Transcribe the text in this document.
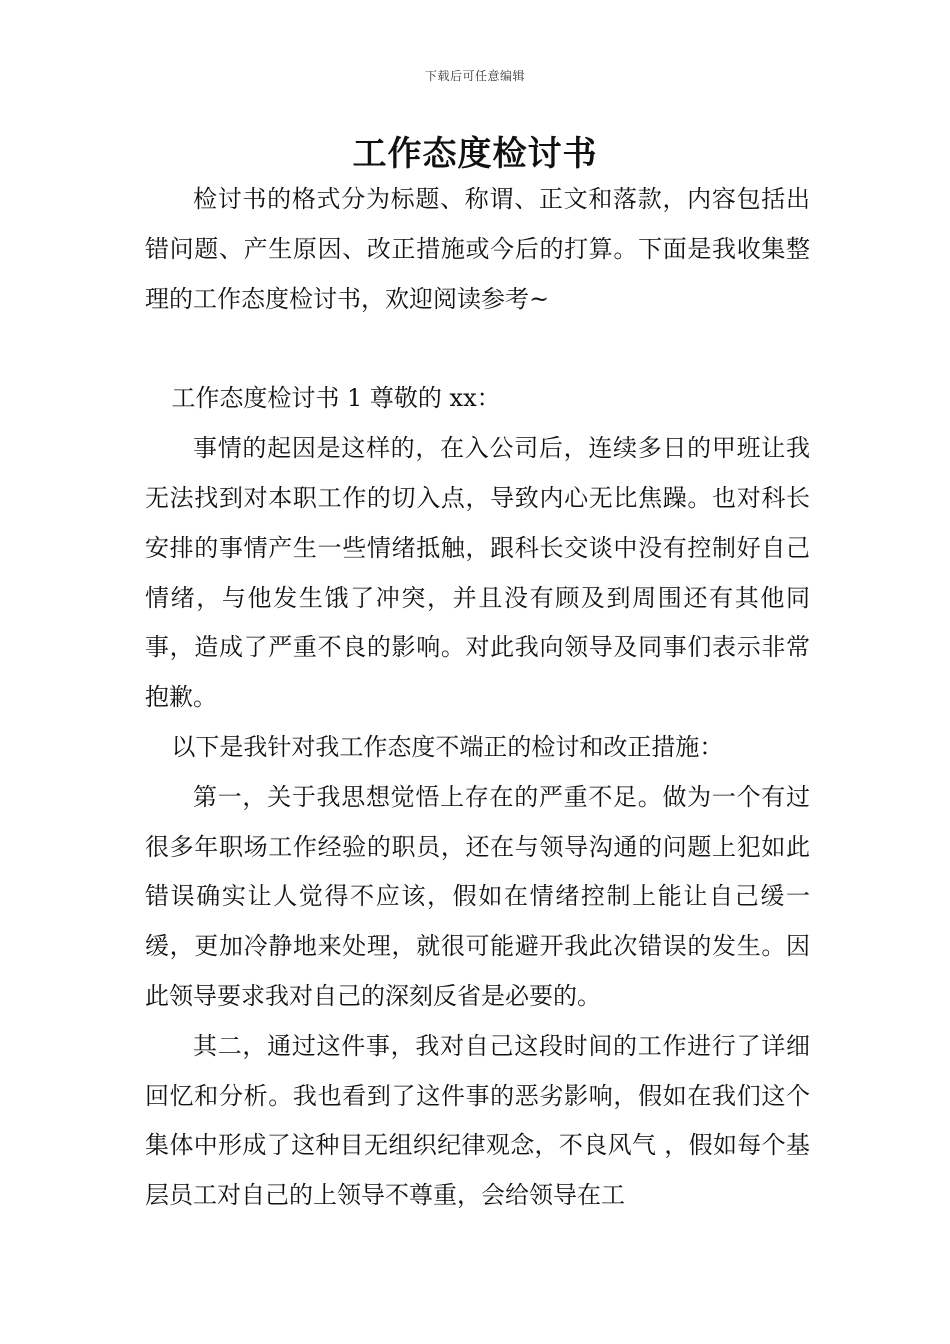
下载后可任意编辑
工作态度检讨书

检讨书的格式分为标题、称谓、正文和落款，内容包括出错问题、产生原因、改正措施或今后的打算。下面是我收集整理的工作态度检讨书，欢迎阅读参考~

工作态度检讨书 1 尊敬的 xx：

事情的起因是这样的，在入公司后，连续多日的甲班让我无法找到对本职工作的切入点，导致内心无比焦躁。也对科长安排的事情产生一些情绪抵触，跟科长交谈中没有控制好自己情绪，与他发生饿了冲突，并且没有顾及到周围还有其他同事，造成了严重不良的影响。对此我向领导及同事们表示非常抱歉。

以下是我针对我工作态度不端正的检讨和改正措施：

第一，关于我思想觉悟上存在的严重不足。做为一个有过很多年职场工作经验的职员，还在与领导沟通的问题上犯如此错误确实让人觉得不应该，假如在情绪控制上能让自己缓一缓，更加冷静地来处理，就很可能避开我此次错误的发生。因此领导要求我对自己的深刻反省是必要的。

其二，通过这件事，我对自己这段时间的工作进行了详细回忆和分析。我也看到了这件事的恶劣影响，假如在我们这个集体中形成了这种目无组织纪律观念，不良风气 ，假如每个基层员工对自己的上领导不尊重，会给领导在工
